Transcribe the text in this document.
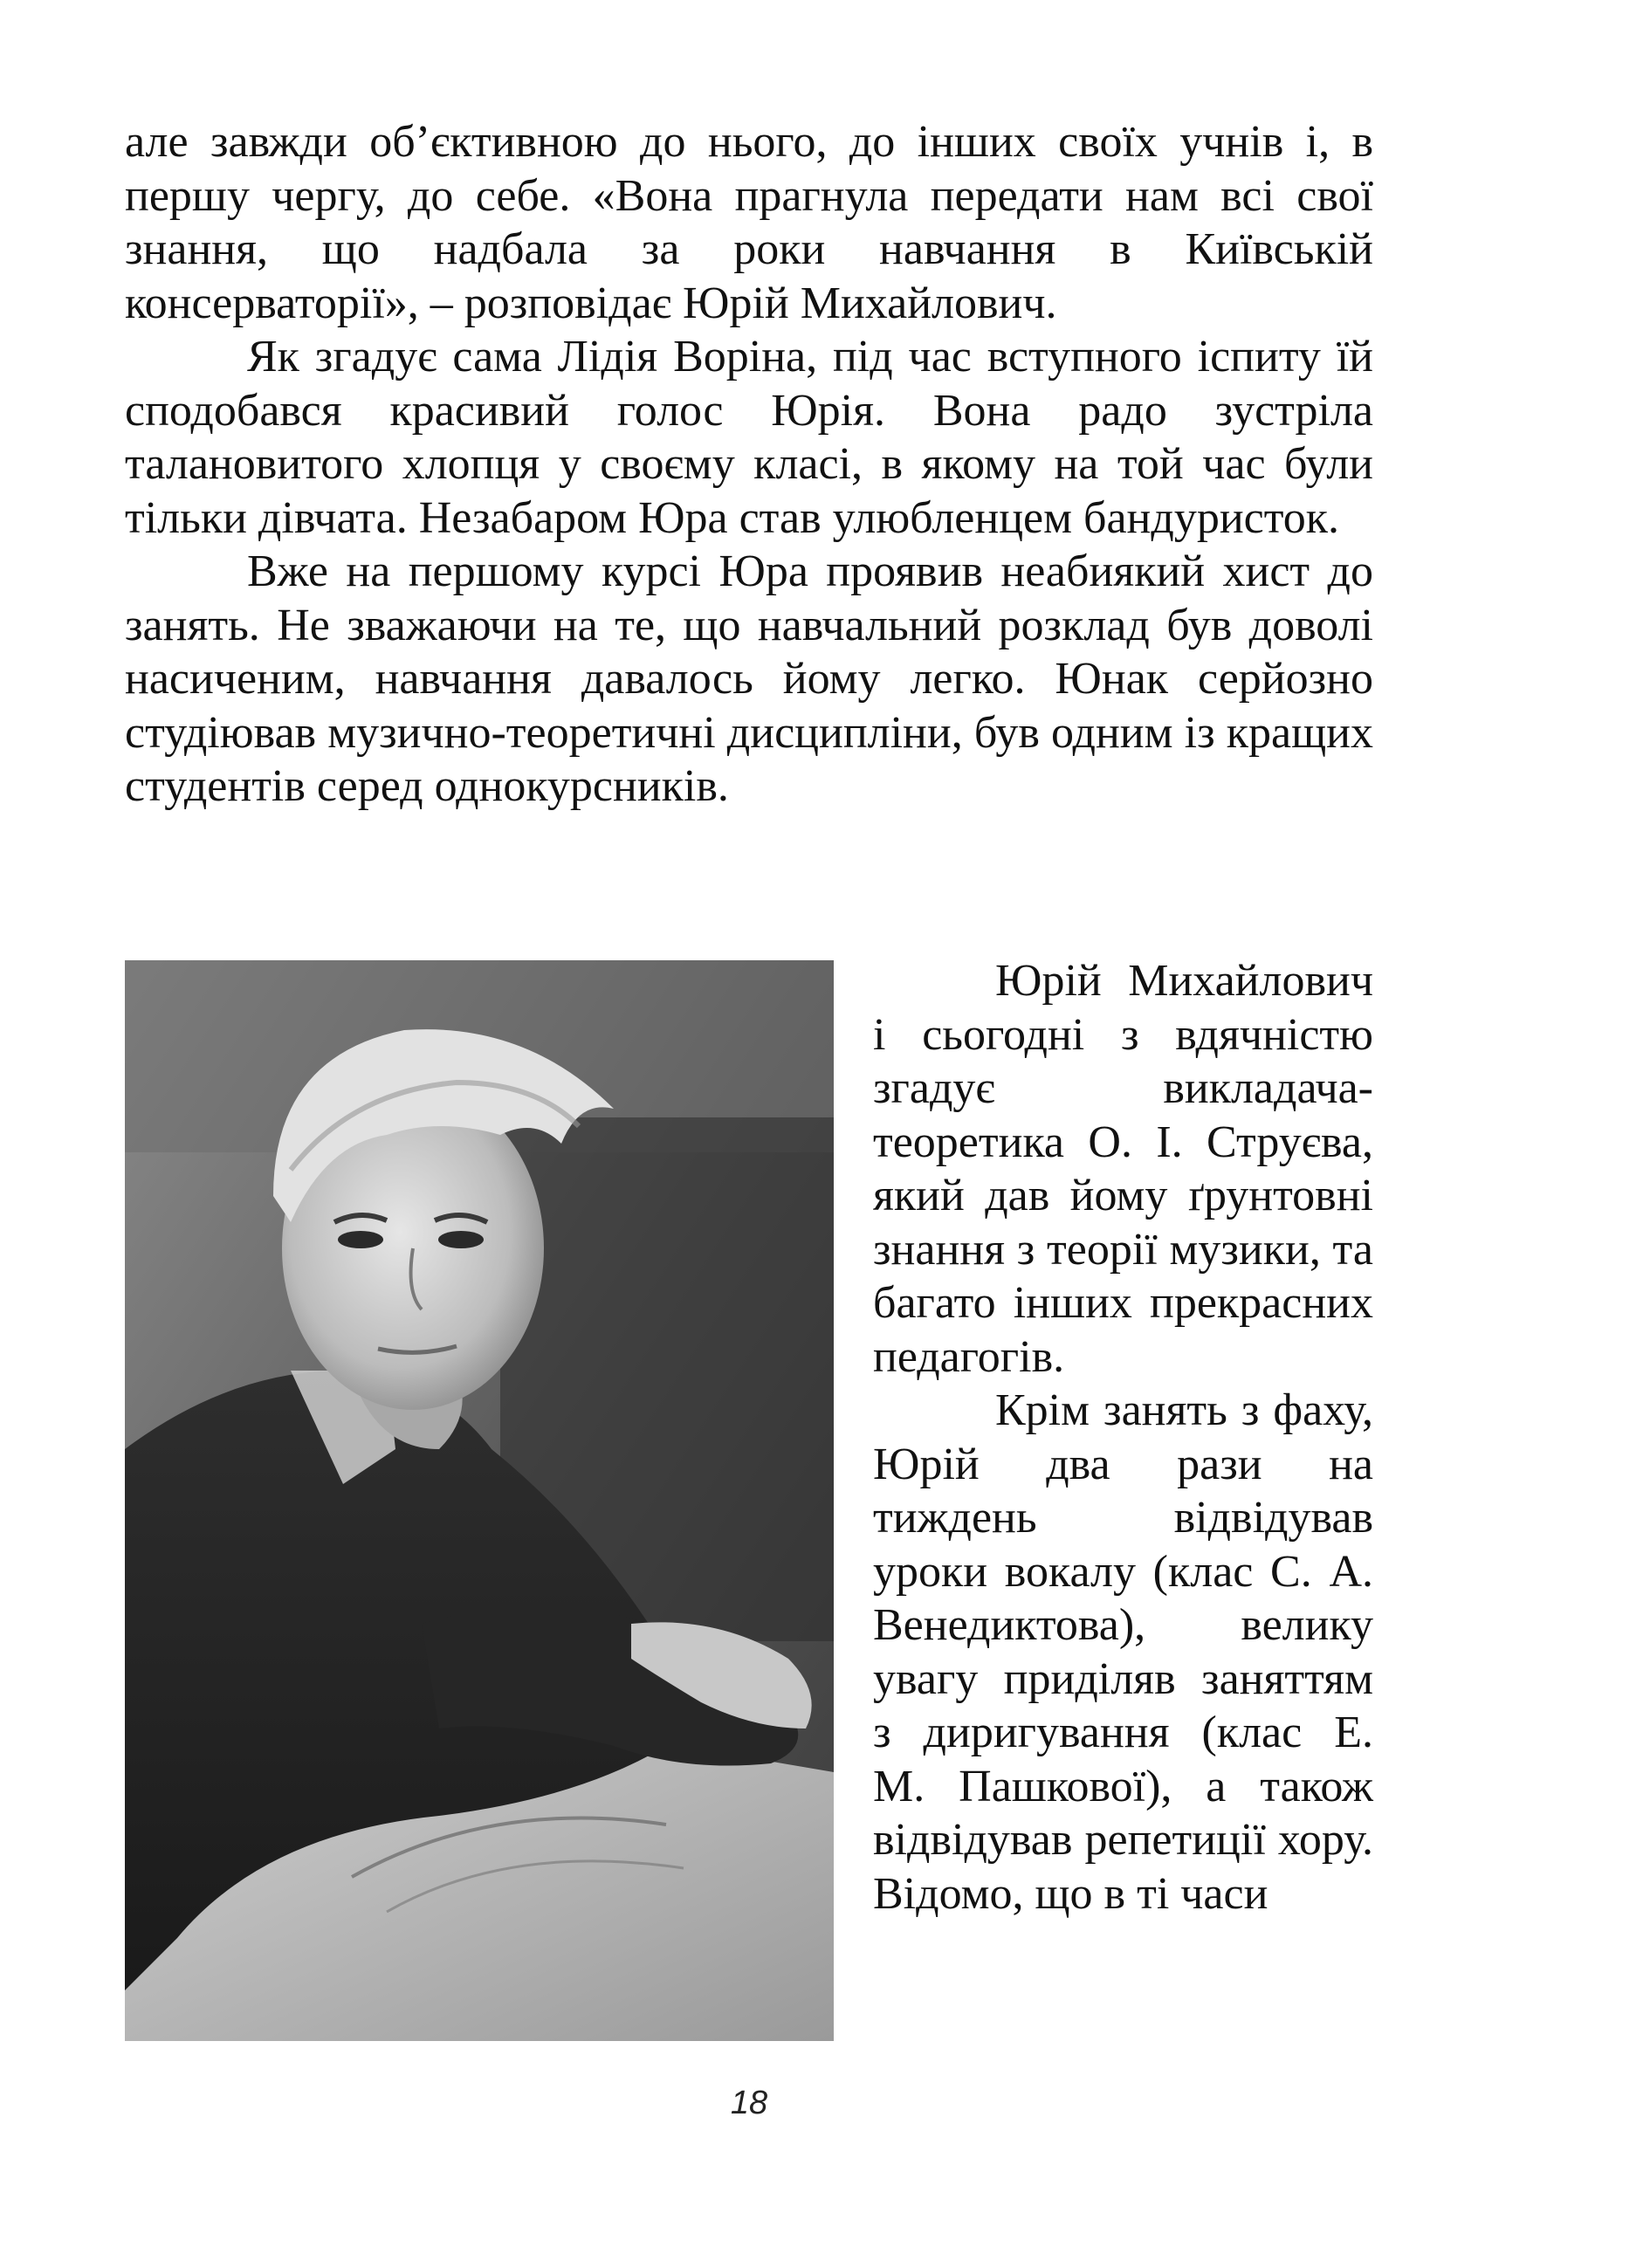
але завжди об’єктивною до нього, до інших своїх учнів і, в першу чергу, до себе. «Вона прагнула передати нам всі свої знання, що надбала за роки навчання в Київській консерваторії», – розповідає Юрій Михайлович.

Як згадує сама Лідія Воріна, під час вступного іспиту їй сподобався красивий голос Юрія. Вона радо зустріла талановитого хлопця у своєму класі, в якому на той час були тільки дівчата. Незабаром Юра став улюбленцем бандуристок.

Вже на першому курсі Юра проявив неабиякий хист до занять. Не зважаючи на те, що навчальний розклад був доволі насиченим, навчання давалось йому легко. Юнак серйозно студіював музично-теоретичні дисципліни, був одним із кращих студентів серед однокурсників.

Юрій Михайлович і сьогодні з вдячністю згадує викладача-теоретика О. І. Струєва, який дав йому ґрунтовні знання з теорії музики, та багато інших прекрасних педагогів.

Крім занять з фаху, Юрій два рази на тиждень відвідував уроки вокалу (клас С. А. Венедиктова), велику увагу приділяв заняттям з диригування (клас Е. М. Пашкової), а також відвідував репетиції хору. Відомо, що в ті часи

18
